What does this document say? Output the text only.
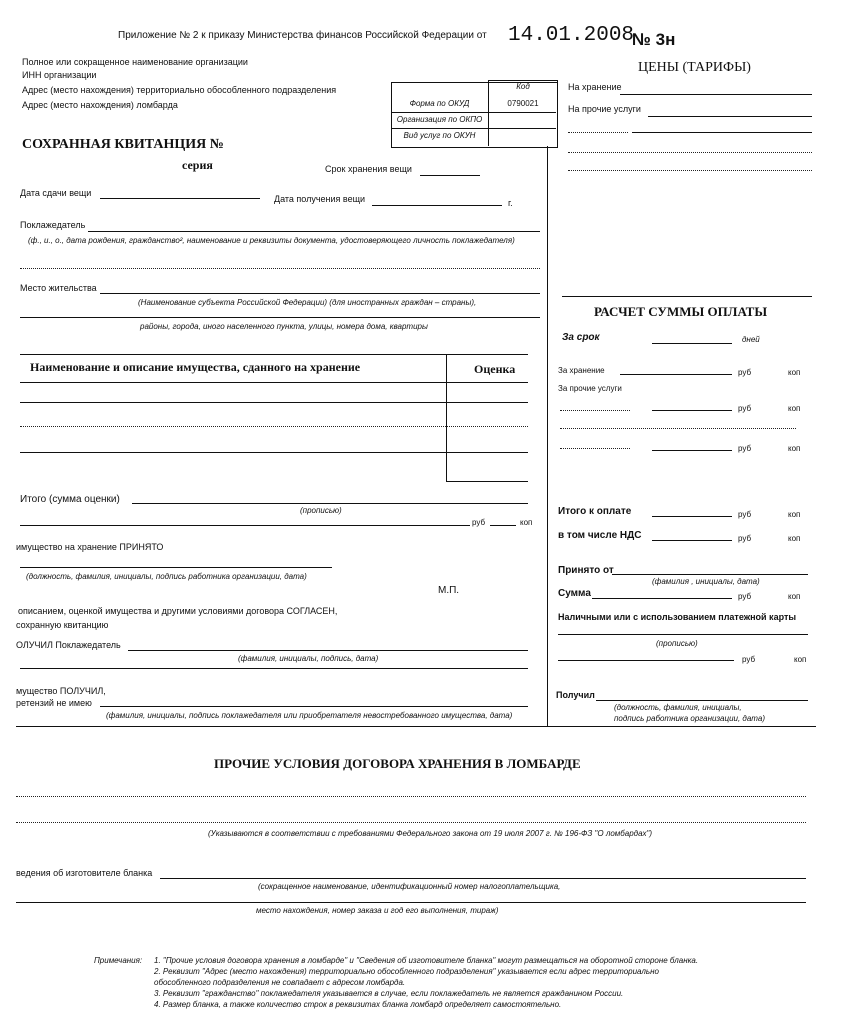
Приложение № 2 к приказу Министерства финансов Российской Федерации от 14.01.2008
№ 3н
Полное или сокращенное наименование организации
ИНН организации
Адрес (место нахождения) территориально обособленного подразделения
Адрес (место нахождения) ломбарда
Код
Форма по ОКУД	0790021
Организация по ОКПО
Вид услуг по ОКУН
СОХРАННАЯ КВИТАНЦИЯ №
серия	Срок хранения вещи
Дата сдачи вещи
Дата получения вещи	г.
Поклажедатель
(ф., и., о., дата рождения, гражданство², наименование и реквизиты документа, удостоверяющего личность поклажедателя)
Место жительства
(Наименование субъекта Российской Федерации) (для иностранных граждан – страны),
районы, города, иного населенного пункта, улицы, номера дома, квартиры
Наименование и описание имущества, сданного на хранение	Оценка
Итого (сумма оценки)
(прописью)
руб	коп
имущество на хранение ПРИНЯТО
(должность, фамилия, инициалы, подпись работника организации, дата)
М.П.
описанием, оценкой имущества и другими условиями договора СОГЛАСЕН,
сохранную квитанцию
ОЛУЧИЛ Поклажедатель
(фамилия, инициалы, подпись, дата)
мущество ПОЛУЧИЛ,
ретензий не имею
(фамилия, инициалы, подпись поклажедателя или приобретателя невостребованного имущества, дата)
ЦЕНЫ (ТАРИФЫ)
На хранение
На прочие услуги
РАСЧЕТ СУММЫ ОПЛАТЫ
За срок	дней
За хранение	руб	коп
За прочие услуги
руб	коп
руб	коп
Итого к оплате	руб	коп
в том числе НДС	руб	коп
Принято от
(фамилия , инициалы, дата)
Сумма	руб	коп
Наличными или с использованием платежной карты
(прописью)
руб	коп
Получил
(должность, фамилия, инициалы,
подпись работника организации, дата)
ПРОЧИЕ УСЛОВИЯ ДОГОВОРА ХРАНЕНИЯ В ЛОМБАРДЕ
(Указываются в соответствии с требованиями Федерального закона от 19 июля 2007 г. № 196-ФЗ "О ломбардах")
ведения об изготовителе бланка
(сокращенное наименование, идентификационный номер налогоплательщика,
место нахождения, номер заказа и год его выполнения, тираж)
Примечания: 1. "Прочие условия договора хранения в ломбарде" и "Сведения об изготовителе бланка" могут размещаться на оборотной стороне бланка.
2. Реквизит "Адрес (место нахождения) территориально обособленного подразделения" указывается если адрес территориально
обособленного подразделения не совпадает с адресом ломбарда.
3. Реквизит "гражданство" поклажедателя указывается в случае, если поклажедатель не является гражданином России.
4. Размер бланка, а также количество строк в реквизитах бланка ломбард определяет самостоятельно.
